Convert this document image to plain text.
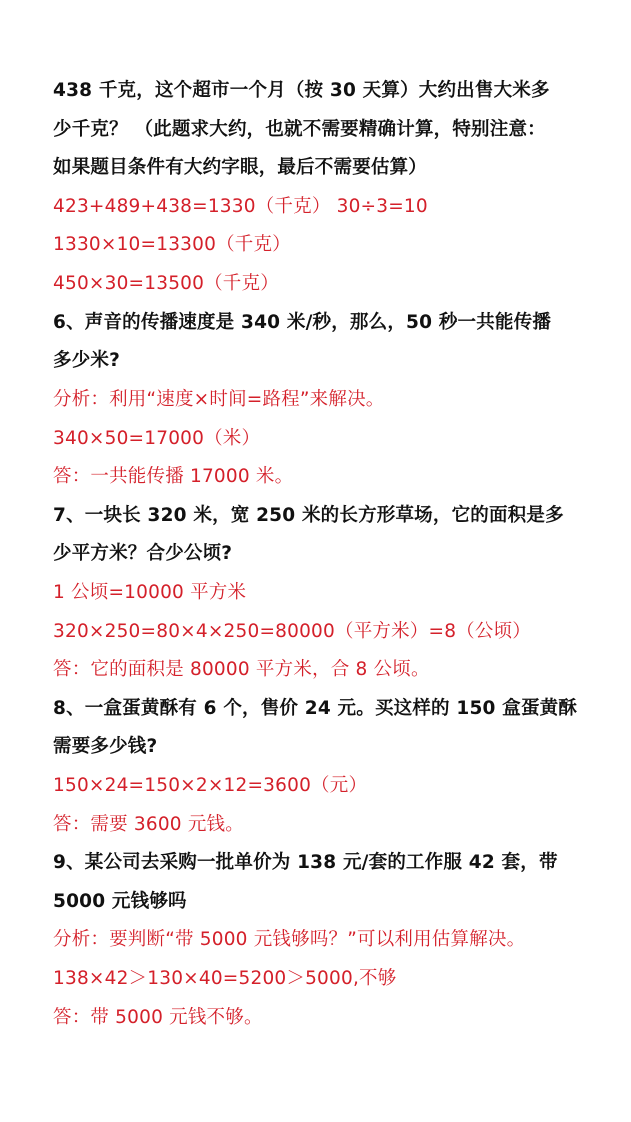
438 千克，这个超市一个月（按 30 天算）大约出售大米多
少千克？ （此题求大约，也就不需要精确计算，特别注意：
如果题目条件有大约字眼，最后不需要估算）
423+489+438=1330（千克） 30÷3=10
1330×10=13300（千克）
450×30=13500（千克）
6、声音的传播速度是 340 米/秒，那么，50 秒一共能传播
多少米?
分析：利用“速度×时间=路程”来解决。
340×50=17000（米）
答：一共能传播 17000 米。
7、一块长 320 米，宽 250 米的长方形草场，它的面积是多
少平方米？合少公顷?
1 公顷=10000 平方米
320×250=80×4×250=80000（平方米）=8（公顷）
答：它的面积是 80000 平方米，合 8 公顷。
8、一盒蛋黄酥有 6 个，售价 24 元。买这样的 150 盒蛋黄酥
需要多少钱?
150×24=150×2×12=3600（元）
答：需要 3600 元钱。
9、某公司去采购一批单价为 138 元/套的工作服 42 套，带
5000 元钱够吗
分析：要判断“带 5000 元钱够吗？”可以利用估算解决。
138×42＞130×40=5200＞5000,不够
答：带 5000 元钱不够。
